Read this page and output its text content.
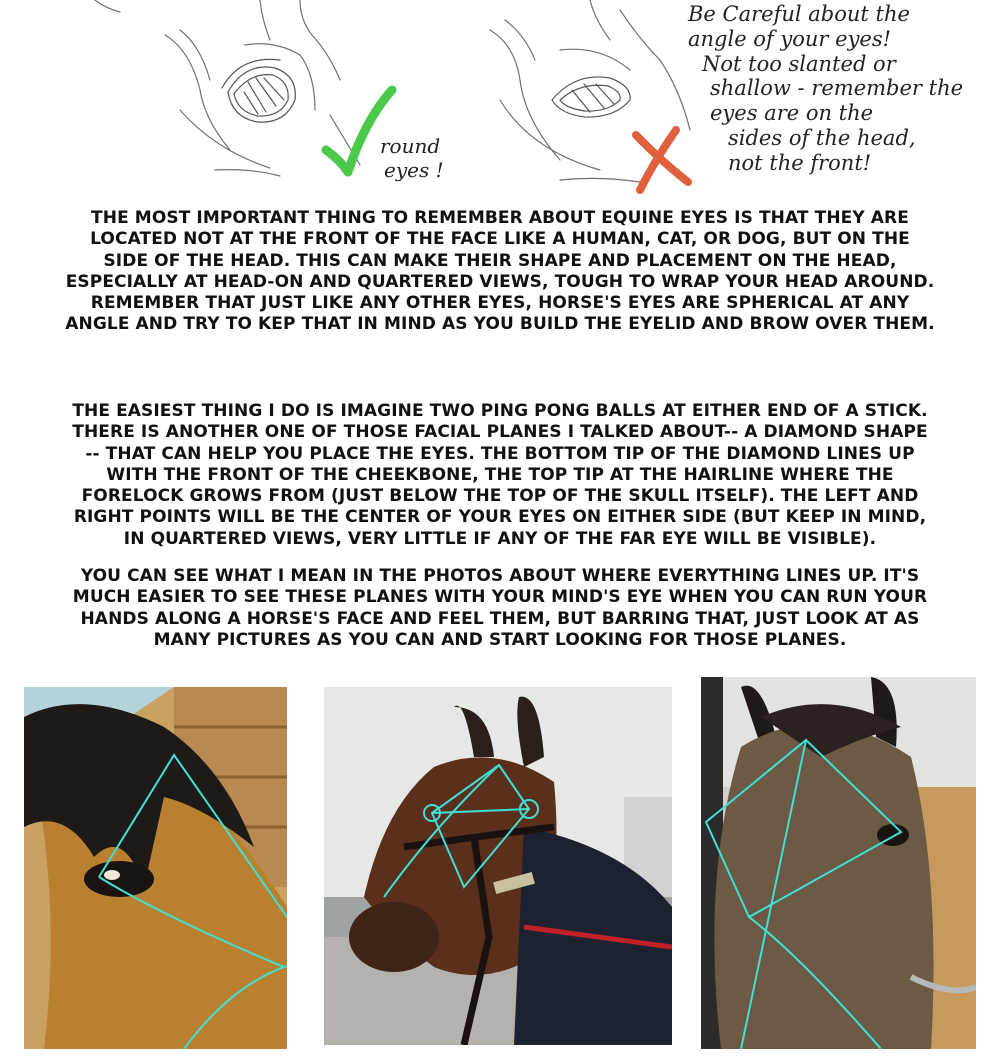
round
eyes !
Be Careful about the
angle of your eyes!
Not too slanted or
shallow - remember the
eyes are on the
sides of the head,
not the front!

THE MOST IMPORTANT THING TO REMEMBER ABOUT EQUINE EYES IS THAT THEY ARE
LOCATED NOT AT THE FRONT OF THE FACE LIKE A HUMAN, CAT, OR DOG, BUT ON THE
SIDE OF THE HEAD. THIS CAN MAKE THEIR SHAPE AND PLACEMENT ON THE HEAD,
ESPECIALLY AT HEAD-ON AND QUARTERED VIEWS, TOUGH TO WRAP YOUR HEAD AROUND.
REMEMBER THAT JUST LIKE ANY OTHER EYES, HORSE'S EYES ARE SPHERICAL AT ANY
ANGLE AND TRY TO KEP THAT IN MIND AS YOU BUILD THE EYELID AND BROW OVER THEM.

THE EASIEST THING I DO IS IMAGINE TWO PING PONG BALLS AT EITHER END OF A STICK.
THERE IS ANOTHER ONE OF THOSE FACIAL PLANES I TALKED ABOUT-- A DIAMOND SHAPE
-- THAT CAN HELP YOU PLACE THE EYES. THE BOTTOM TIP OF THE DIAMOND LINES UP
WITH THE FRONT OF THE CHEEKBONE, THE TOP TIP AT THE HAIRLINE WHERE THE
FORELOCK GROWS FROM (JUST BELOW THE TOP OF THE SKULL ITSELF). THE LEFT AND
RIGHT POINTS WILL BE THE CENTER OF YOUR EYES ON EITHER SIDE (BUT KEEP IN MIND,
IN QUARTERED VIEWS, VERY LITTLE IF ANY OF THE FAR EYE WILL BE VISIBLE).

YOU CAN SEE WHAT I MEAN IN THE PHOTOS ABOUT WHERE EVERYTHING LINES UP. IT'S
MUCH EASIER TO SEE THESE PLANES WITH YOUR MIND'S EYE WHEN YOU CAN RUN YOUR
HANDS ALONG A HORSE'S FACE AND FEEL THEM, BUT BARRING THAT, JUST LOOK AT AS
MANY PICTURES AS YOU CAN AND START LOOKING FOR THOSE PLANES.
